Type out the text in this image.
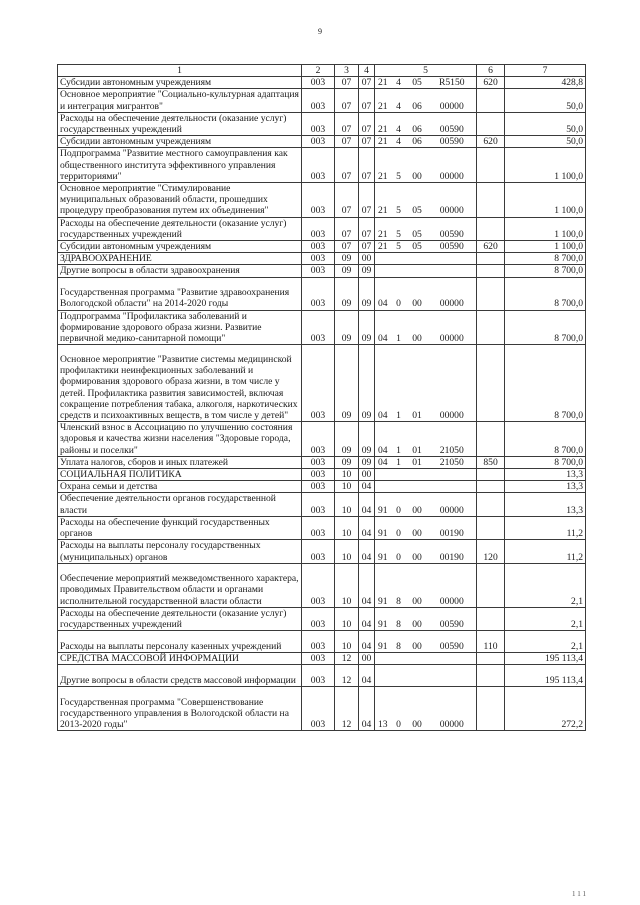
9
1	2	3	4	5				6	7
Субсидии автономным учреждениям	003	07	07	21	4	05	R5150	620	428,8
Основное мероприятие "Социально-культурная адаптация и интеграция мигрантов"	003	07	07	21	4	06	00000		50,0
Расходы на обеспечение деятельности (оказание услуг) государственных учреждений	003	07	07	21	4	06	00590		50,0
Субсидии автономным учреждениям	003	07	07	21	4	06	00590	620	50,0
Подпрограмма "Развитие местного самоуправления как общественного института эффективного управления территориями"	003	07	07	21	5	00	00000		1 100,0
Основное мероприятие "Стимулирование муниципальных образований области, прошедших процедуру преобразования путем их объединения"	003	07	07	21	5	05	00000		1 100,0
Расходы на обеспечение деятельности (оказание услуг) государственных учреждений	003	07	07	21	5	05	00590		1 100,0
Субсидии автономным учреждениям	003	07	07	21	5	05	00590	620	1 100,0
ЗДРАВООХРАНЕНИЕ	003	09	00						8 700,0
Другие вопросы в области здравоохранения	003	09	09						8 700,0
Государственная программа "Развитие здравоохранения Вологодской области" на 2014-2020 годы	003	09	09	04	0	00	00000		8 700,0
Подпрограмма "Профилактика заболеваний и формирование здорового образа жизни. Развитие первичной медико-санитарной помощи"	003	09	09	04	1	00	00000		8 700,0
Основное мероприятие "Развитие системы медицинской профилактики неинфекционных заболеваний и формирования здорового образа жизни, в том числе у детей. Профилактика развития зависимостей, включая сокращение потребления табака, алкоголя, наркотических средств и психоактивных веществ, в том числе у детей"	003	09	09	04	1	01	00000		8 700,0
Членский взнос в Ассоциацию по улучшению состояния здоровья и качества жизни населения "Здоровые города, районы и поселки"	003	09	09	04	1	01	21050		8 700,0
Уплата налогов, сборов и иных платежей	003	09	09	04	1	01	21050	850	8 700,0
СОЦИАЛЬНАЯ ПОЛИТИКА	003	10	00						13,3
Охрана семьи и детства	003	10	04						13,3
Обеспечение деятельности органов государственной власти	003	10	04	91	0	00	00000		13,3
Расходы на обеспечение функций государственных органов	003	10	04	91	0	00	00190		11,2
Расходы на выплаты персоналу государственных (муниципальных) органов	003	10	04	91	0	00	00190	120	11,2
Обеспечение мероприятий межведомственного характера, проводимых Правительством области и органами исполнительной государственной власти области	003	10	04	91	8	00	00000		2,1
Расходы на обеспечение деятельности (оказание услуг) государственных учреждений	003	10	04	91	8	00	00590		2,1
Расходы на выплаты персоналу казенных учреждений	003	10	04	91	8	00	00590	110	2,1
СРЕДСТВА МАССОВОЙ ИНФОРМАЦИИ	003	12	00						195 113,4
Другие вопросы в области средств массовой информации	003	12	04						195 113,4
Государственная программа "Совершенствование государственного управления в Вологодской области на 2013-2020 годы"	003	12	04	13	0	00	00000		272,2
1 1 1
